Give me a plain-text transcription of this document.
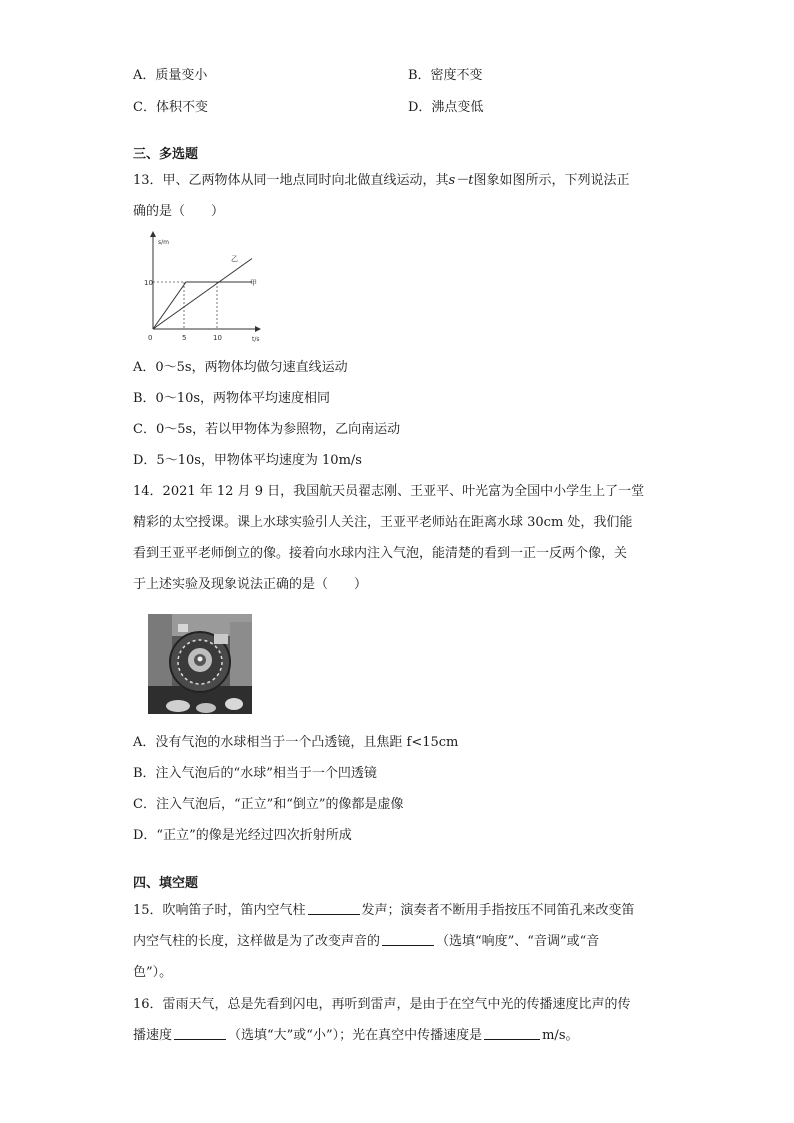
A．质量变小	B．密度不变
C．体积不变	D．沸点变低
三、多选题
13．甲、乙两物体从同一地点同时向北做直线运动，其s－t图象如图所示，下列说法正
确的是（　　）
s/m
t/s
10
0	5	10
甲
乙
A．0～5s，两物体均做匀速直线运动
B．0～10s，两物体平均速度相同
C．0～5s，若以甲物体为参照物，乙向南运动
D．5～10s，甲物体平均速度为 10m/s
14．2021 年 12 月 9 日，我国航天员翟志刚、王亚平、叶光富为全国中小学生上了一堂
精彩的太空授课。课上水球实验引人关注，王亚平老师站在距离水球 30cm 处，我们能
看到王亚平老师倒立的像。接着向水球内注入气泡，能清楚的看到一正一反两个像，关
于上述实验及现象说法正确的是（　　）
A．没有气泡的水球相当于一个凸透镜，且焦距 f<15cm
B．注入气泡后的“水球”相当于一个凹透镜
C．注入气泡后，“正立”和“倒立”的像都是虚像
D．“正立”的像是光经过四次折射所成
四、填空题
15．吹响笛子时，笛内空气柱	发声；演奏者不断用手指按压不同笛孔来改变笛
内空气柱的长度，这样做是为了改变声音的	（选填“响度”、“音调”或“音
色”）。
16．雷雨天气，总是先看到闪电，再听到雷声，是由于在空气中光的传播速度比声的传
播速度	（选填“大”或“小”）；光在真空中传播速度是	m/s。
